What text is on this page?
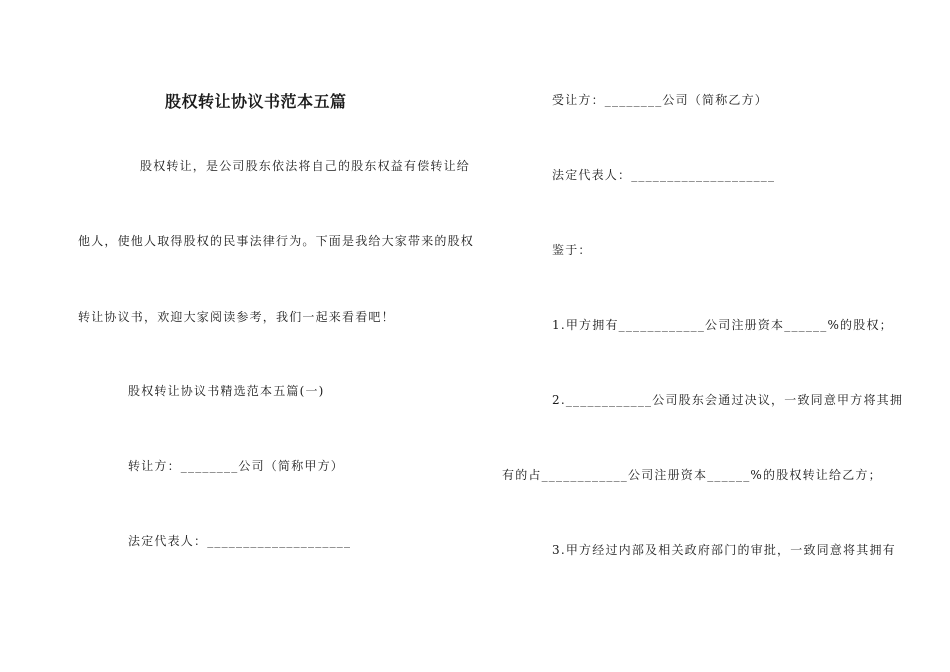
股权转让协议书范本五篇
股权转让，是公司股东依法将自己的股东权益有偿转让给
他人，使他人取得股权的民事法律行为。下面是我给大家带来的股权
转让协议书，欢迎大家阅读参考，我们一起来看看吧！
股权转让协议书精选范本五篇(一)
转让方：________公司（简称甲方）
法定代表人：____________________
受让方：________公司（简称乙方）
法定代表人：____________________
鉴于：
1.甲方拥有____________公司注册资本______%的股权；
2.____________公司股东会通过决议，一致同意甲方将其拥
有的占____________公司注册资本______%的股权转让给乙方；
3.甲方经过内部及相关政府部门的审批，一致同意将其拥有
